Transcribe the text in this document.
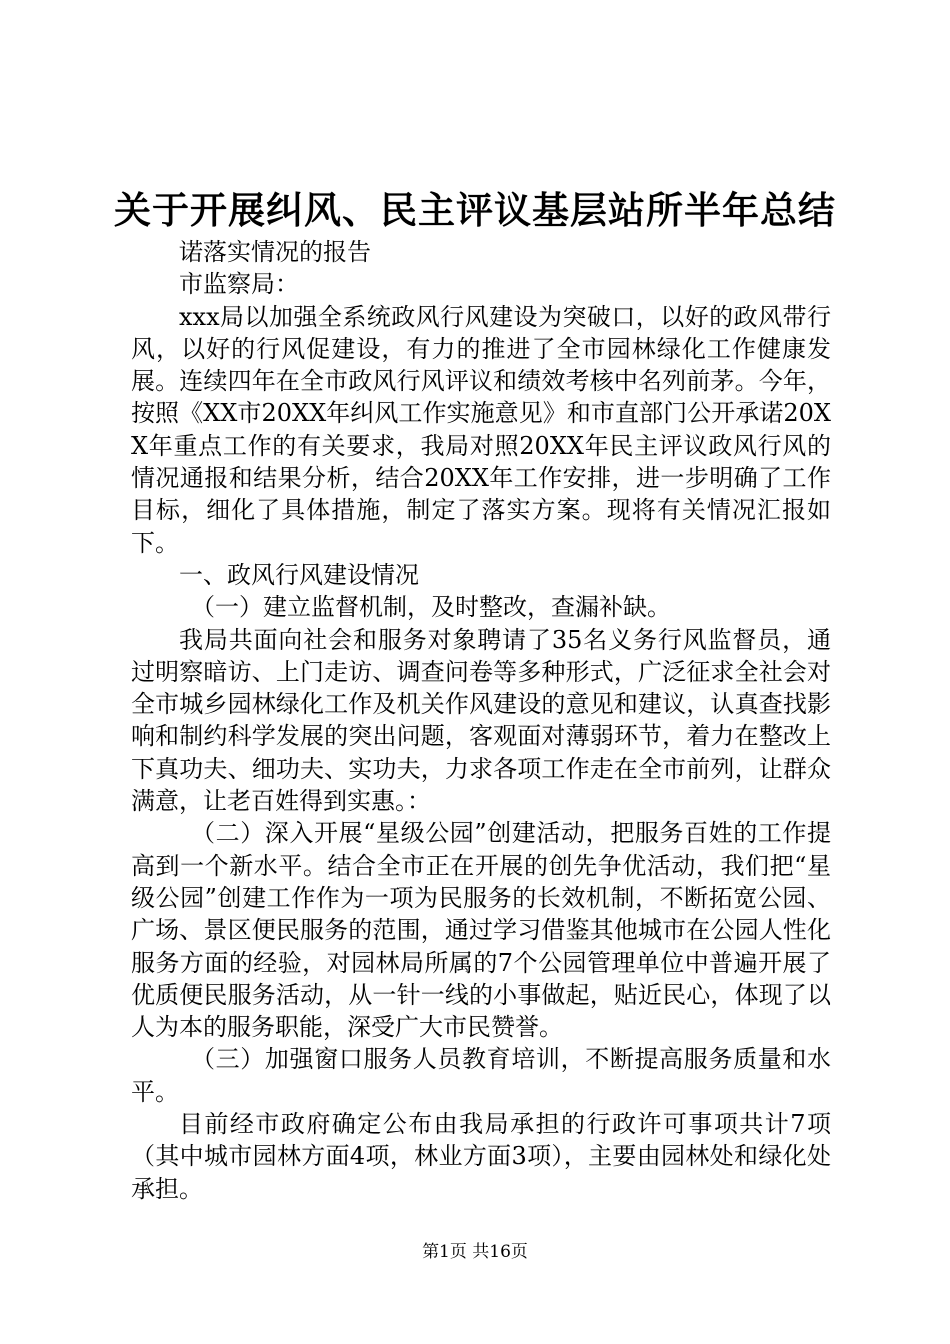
关于开展纠风、民主评议基层站所半年总结

诺落实情况的报告

市监察局：

xxx局以加强全系统政风行风建设为突破口，以好的政风带行风，以好的行风促建设，有力的推进了全市园林绿化工作健康发展。连续四年在全市政风行风评议和绩效考核中名列前茅。今年，按照《XX市20XX年纠风工作实施意见》和市直部门公开承诺20XX年重点工作的有关要求，我局对照20XX年民主评议政风行风的情况通报和结果分析，结合20XX年工作安排，进一步明确了工作目标，细化了具体措施，制定了落实方案。现将有关情况汇报如下。

一、政风行风建设情况

（一）建立监督机制，及时整改，查漏补缺。

我局共面向社会和服务对象聘请了35名义务行风监督员，通过明察暗访、上门走访、调查问卷等多种形式，广泛征求全社会对全市城乡园林绿化工作及机关作风建设的意见和建议，认真查找影响和制约科学发展的突出问题，客观面对薄弱环节，着力在整改上下真功夫、细功夫、实功夫，力求各项工作走在全市前列，让群众满意，让老百姓得到实惠。：

（二）深入开展“星级公园”创建活动，把服务百姓的工作提高到一个新水平。结合全市正在开展的创先争优活动，我们把“星级公园”创建工作作为一项为民服务的长效机制，不断拓宽公园、广场、景区便民服务的范围，通过学习借鉴其他城市在公园人性化服务方面的经验，对园林局所属的7个公园管理单位中普遍开展了优质便民服务活动，从一针一线的小事做起，贴近民心，体现了以人为本的服务职能，深受广大市民赞誉。

（三）加强窗口服务人员教育培训，不断提高服务质量和水平。

目前经市政府确定公布由我局承担的行政许可事项共计7项（其中城市园林方面4项，林业方面3项），主要由园林处和绿化处承担。

第1页 共16页
